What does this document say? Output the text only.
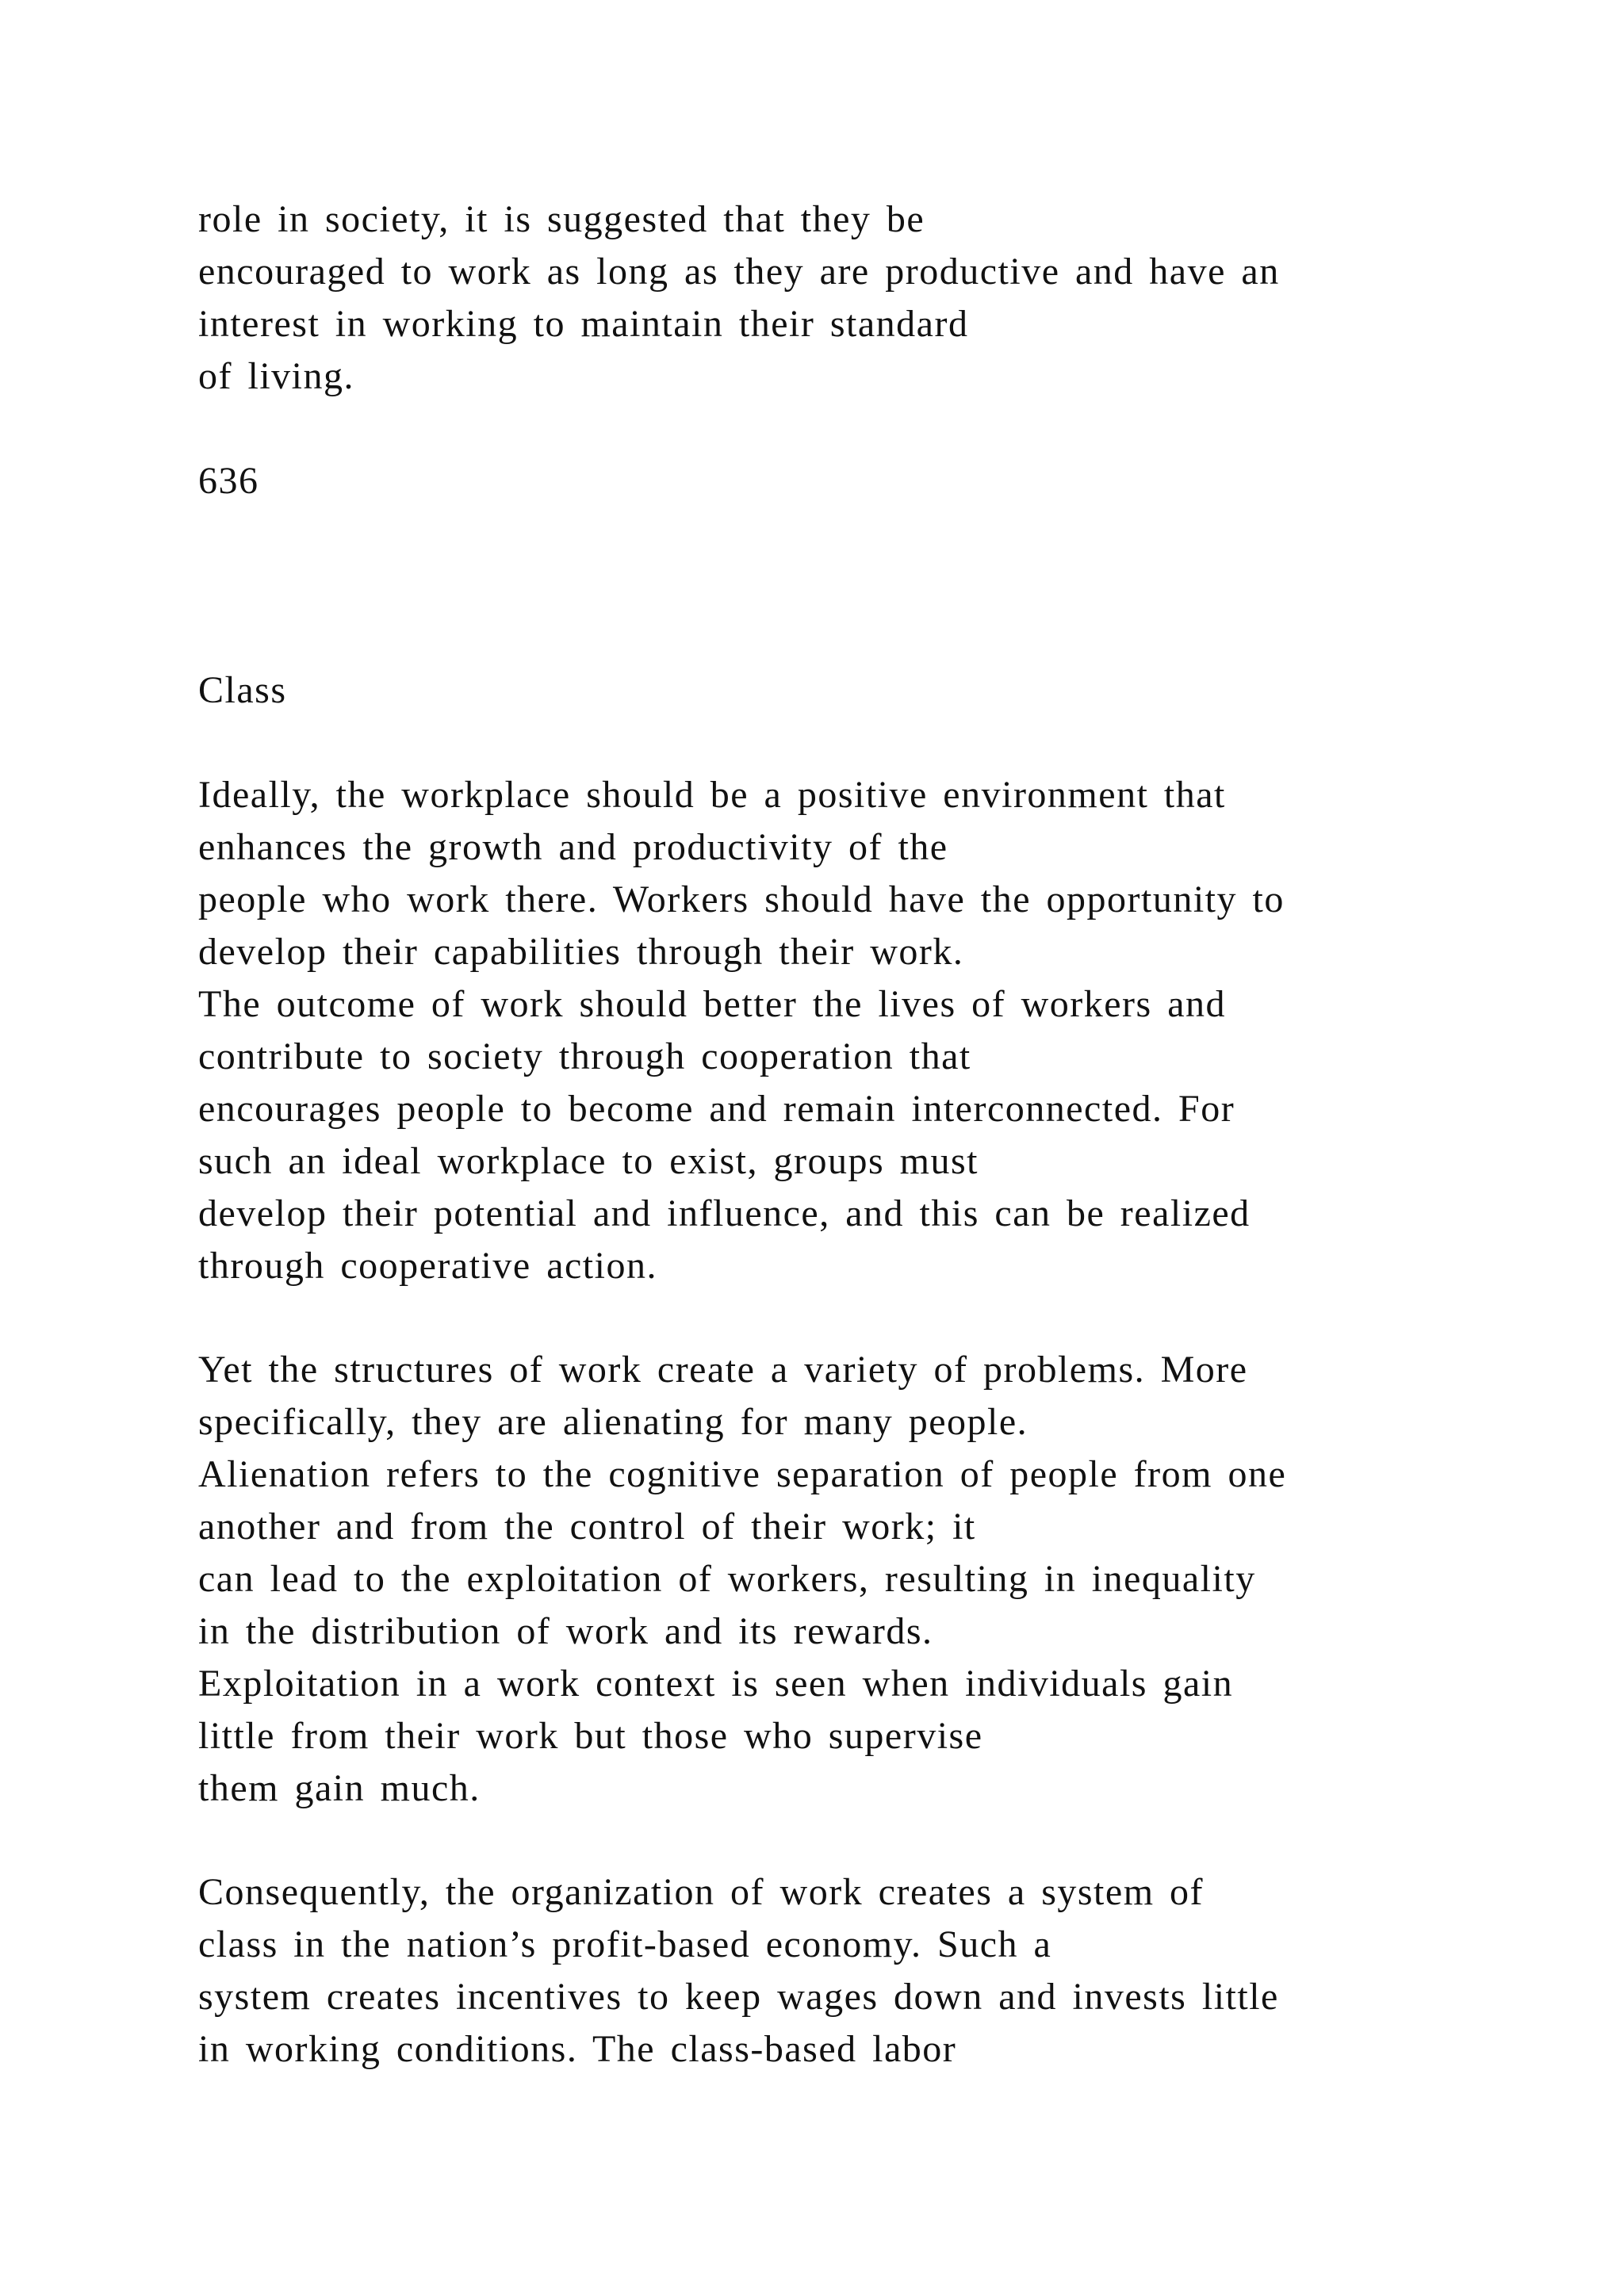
role in society, it is suggested that they be
encouraged to work as long as they are productive and have an
interest in working to maintain their standard
of living.
636
Class
Ideally, the workplace should be a positive environment that
enhances the growth and productivity of the
people who work there. Workers should have the opportunity to
develop their capabilities through their work.
The outcome of work should better the lives of workers and
contribute to society through cooperation that
encourages people to become and remain interconnected. For
such an ideal workplace to exist, groups must
develop their potential and influence, and this can be realized
through cooperative action.
Yet the structures of work create a variety of problems. More
specifically, they are alienating for many people.
Alienation refers to the cognitive separation of people from one
another and from the control of their work; it
can lead to the exploitation of workers, resulting in inequality
in the distribution of work and its rewards.
Exploitation in a work context is seen when individuals gain
little from their work but those who supervise
them gain much.
Consequently, the organization of work creates a system of
class in the nation’s profit-based economy. Such a
system creates incentives to keep wages down and invests little
in working conditions. The class-based labor
